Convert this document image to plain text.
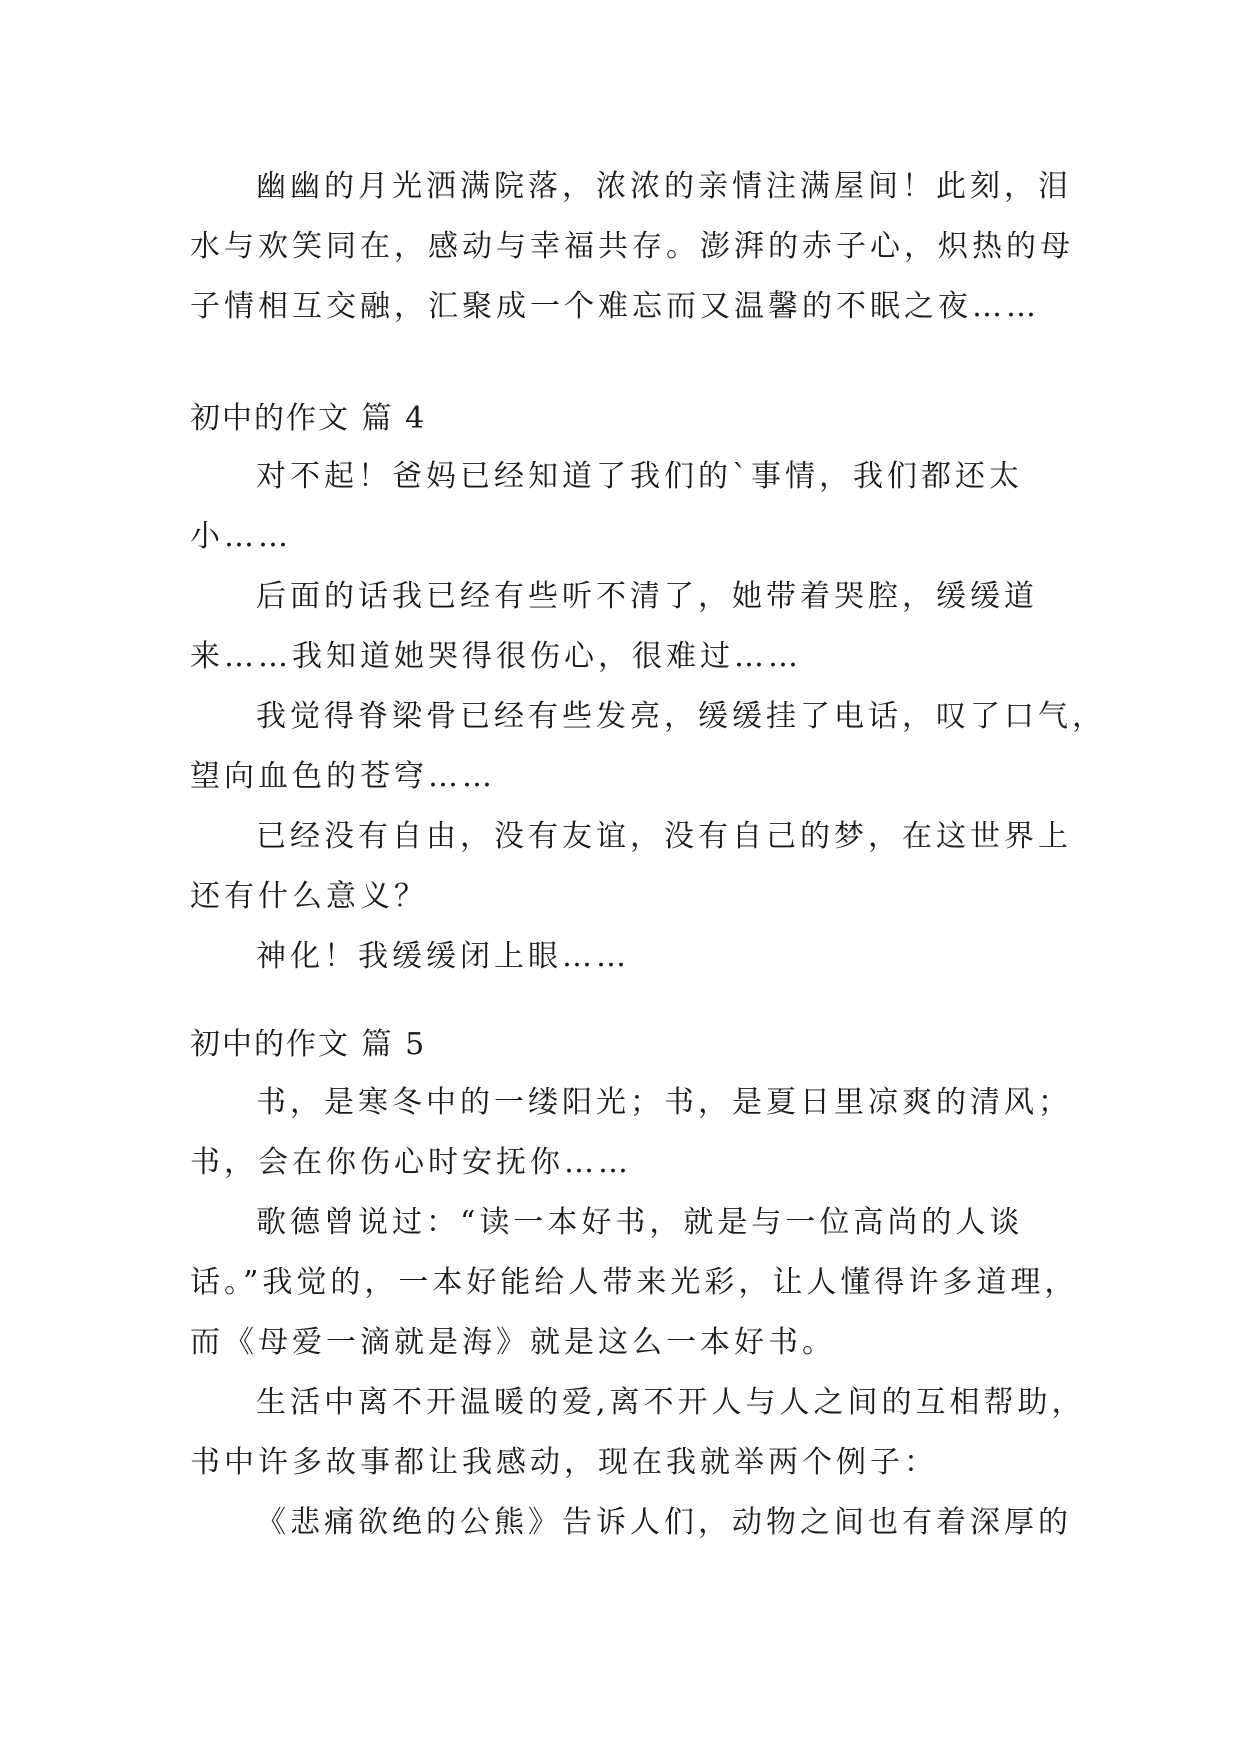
幽幽的月光洒满院落，浓浓的亲情注满屋间！此刻，泪
水与欢笑同在，感动与幸福共存。澎湃的赤子心，炽热的母
子情相互交融，汇聚成一个难忘而又温馨的不眠之夜……
初中的作文 篇 4
对不起！爸妈已经知道了我们的`事情，我们都还太
小……
后面的话我已经有些听不清了，她带着哭腔，缓缓道
来……我知道她哭得很伤心，很难过……
我觉得脊梁骨已经有些发亮，缓缓挂了电话，叹了口气，
望向血色的苍穹……
已经没有自由，没有友谊，没有自己的梦，在这世界上
还有什么意义？
神化！我缓缓闭上眼……
初中的作文 篇 5
书，是寒冬中的一缕阳光；书，是夏日里凉爽的清风；
书，会在你伤心时安抚你……
歌德曾说过：“读一本好书，就是与一位高尚的人谈
话。”我觉的，一本好能给人带来光彩，让人懂得许多道理，
而《母爱一滴就是海》就是这么一本好书。
生活中离不开温暖的爱,离不开人与人之间的互相帮助，
书中许多故事都让我感动，现在我就举两个例子：
《悲痛欲绝的公熊》告诉人们，动物之间也有着深厚的
